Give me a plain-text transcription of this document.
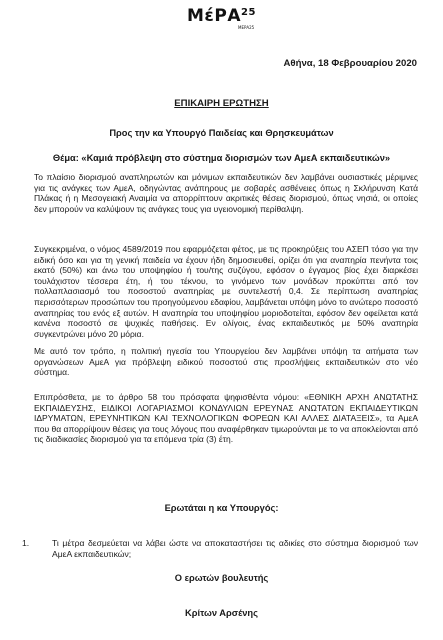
ΜέΡΑ$^{25}$
ΜΕΡΑ25
Αθήνα, 18 Φεβρουαρίου 2020
ΕΠΙΚΑΙΡΗ ΕΡΩΤΗΣΗ
Προς την κα Υπουργό Παιδείας και Θρησκευμάτων
Θέμα: «Καμιά πρόβλεψη στο σύστημα διορισμών των ΑμεΑ εκπαιδευτικών»
Το πλαίσιο διορισμού αναπληρωτών και μόνιμων εκπαιδευτικών δεν λαμβάνει ουσιαστικές μέριμνες για τις ανάγκες των ΑμεΑ, οδηγώντας ανάπηρους με σοβαρές ασθένειες όπως η Σκλήρυνση Κατά Πλάκας ή η Μεσογειακή Αναιμία να απορρίπτουν ακριτικές θέσεις διορισμού, όπως νησιά, οι οποίες δεν μπορούν να καλύψουν τις ανάγκες τους για υγειονομική περίθαλψη.
Συγκεκριμένα, ο νόμος 4589/2019 που εφαρμόζεται φέτος, με τις προκηρύξεις του ΑΣΕΠ τόσο για την ειδική όσο και για τη γενική παιδεία να έχουν ήδη δημοσιευθεί, ορίζει ότι για αναπηρία πενήντα τοις εκατό (50%) και άνω του υποψηφίου ή του/της συζύγου, εφόσον ο έγγαμος βίος έχει διαρκέσει τουλάχιστον τέσσερα έτη, ή του τέκνου, το γινόμενο των μονάδων προκύπτει από τον πολλαπλασιασμό του ποσοστού αναπηρίας με συντελεστή 0,4. Σε περίπτωση αναπηρίας περισσότερων προσώπων του προηγούμενου εδαφίου, λαμβάνεται υπόψη μόνο το ανώτερο ποσοστό αναπηρίας του ενός εξ αυτών. Η αναπηρία του υποψηφίου μοριοδοτείται, εφόσον δεν οφείλεται κατά κανένα ποσοστό σε ψυχικές παθήσεις. Εν ολίγοις, ένας εκπαιδευτικός με 50% αναπηρία συγκεντρώνει μόνο 20 μόρια.
Με αυτό τον τρόπο, η πολιτική ηγεσία του Υπουργείου δεν λαμβάνει υπόψη τα αιτήματα των οργανώσεων ΑμεΑ για πρόβλεψη ειδικού ποσοστού στις προσλήψεις εκπαιδευτικών στο νέο σύστημα.
Επιπρόσθετα, με το άρθρο 58 του πρόσφατα ψηφισθέντα νόμου: «ΕΘΝΙΚΗ ΑΡΧΗ ΑΝΩΤΑΤΗΣ ΕΚΠΑΙΔΕΥΣΗΣ, ΕΙΔΙΚΟΙ ΛΟΓΑΡΙΑΣΜΟΙ ΚΟΝΔΥΛΙΩΝ ΕΡΕΥΝΑΣ ΑΝΩΤΑΤΩΝ ΕΚΠΑΙΔΕΥΤΙΚΩΝ ΙΔΡΥΜΑΤΩΝ, ΕΡΕΥΝΗΤΙΚΩΝ ΚΑΙ ΤΕΧΝΟΛΟΓΙΚΩΝ ΦΟΡΕΩΝ ΚΑΙ ΑΛΛΕΣ ΔΙΑΤΑΞΕΙΣ», τα ΑμεΑ που θα απορρίψουν θέσεις για τους λόγους που αναφέρθηκαν τιμωρούνται με το να αποκλείονται από τις διαδικασίες διορισμού για τα επόμενα τρία (3) έτη.
Ερωτάται η κα Υπουργός:
1.	Τι μέτρα δεσμεύεται να λάβει ώστε να αποκαταστήσει τις αδικίες στο σύστημα διορισμού των ΑμεΑ εκπαιδευτικών;
Ο ερωτών βουλευτής
Κρίτων Αρσένης
